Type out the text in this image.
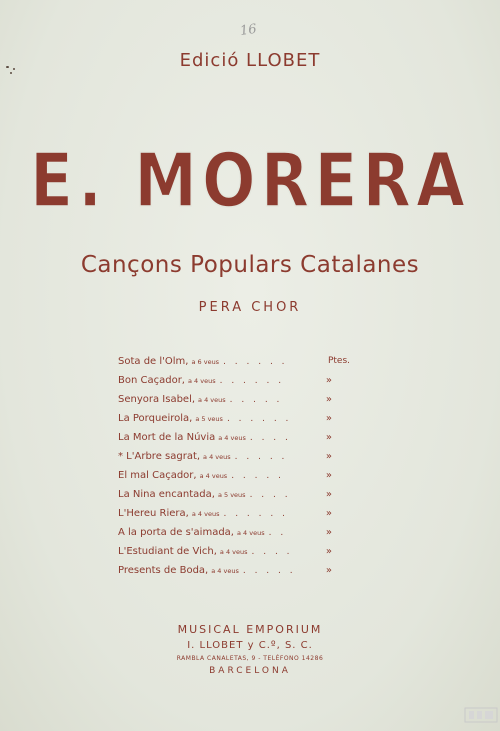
16
Edició LLOBET
E. MORERA
Cançons Populars Catalanes
PERA CHOR
Sota de l'Olm, a 6 veus . . . . . .	Ptes.
Bon Caçador, a 4 veus . . . . . .	»
Senyora Isabel, a 4 veus . . . . .	»
La Porqueirola, a 5 veus . . . . . .	»
La Mort de la Núvia a 4 veus . . . .	»
* L'Arbre sagrat, a 4 veus . . . . .	»
El mal Caçador, a 4 veus . . . . .	»
La Nina encantada, a 5 veus . . . .	»
L'Hereu Riera, a 4 veus . . . . . .	»
A la porta de s'aimada, a 4 veus . .	»
L'Estudiant de Vich, a 4 veus . . . .	»
Presents de Boda, a 4 veus . . . . .	»
MUSICAL EMPORIUM
I. LLOBET y C.º, S. C.
RAMBLA CANALETAS, 9 - TELÉFONO 14286
BARCELONA
